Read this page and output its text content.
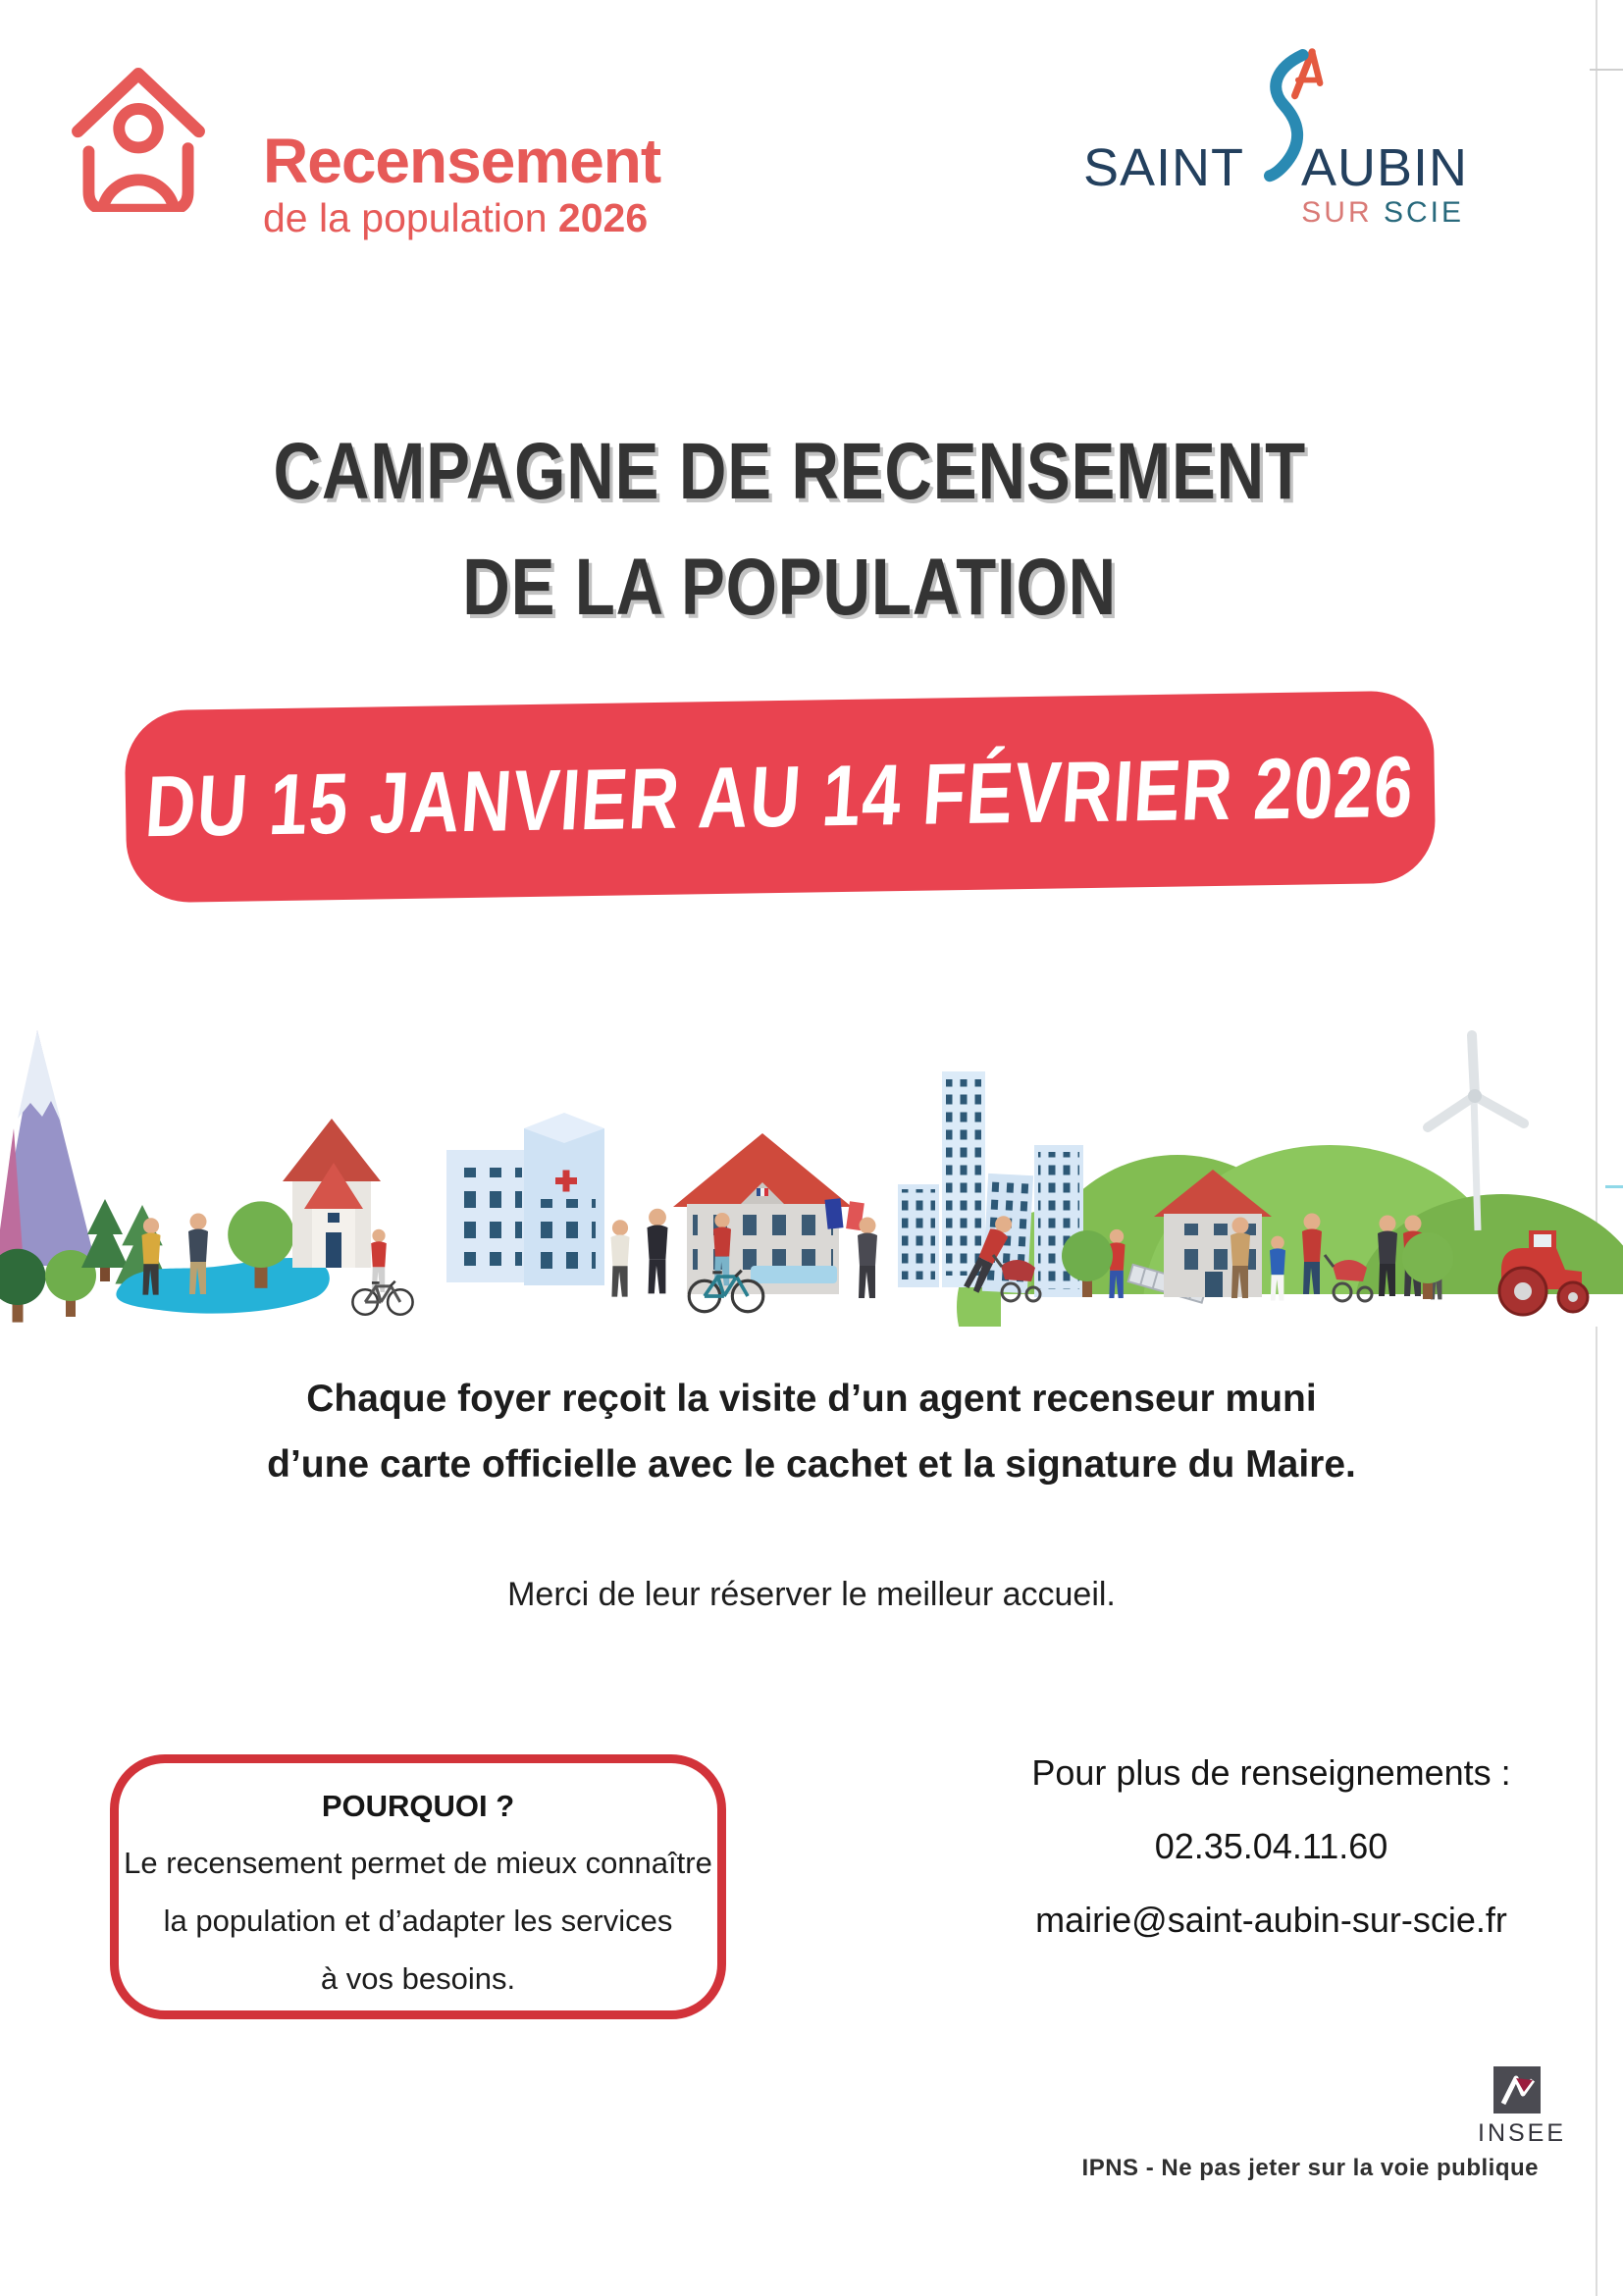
Recensement
de la population 2026
SAINT AUBIN
SUR SCIE
CAMPAGNE DE RECENSEMENT
DE LA POPULATION
DU 15 JANVIER AU 14 FÉVRIER 2026

Chaque foyer reçoit la visite d’un agent recenseur muni
d’une carte officielle avec le cachet et la signature du Maire.

Merci de leur réserver le meilleur accueil.

POURQUOI ?

Le recensement permet de mieux connaître

la population et d’adapter les services

à vos besoins.

Pour plus de renseignements :

02.35.04.11.60

mairie@saint-aubin-sur-scie.fr

INSEE
IPNS - Ne pas jeter sur la voie publique
